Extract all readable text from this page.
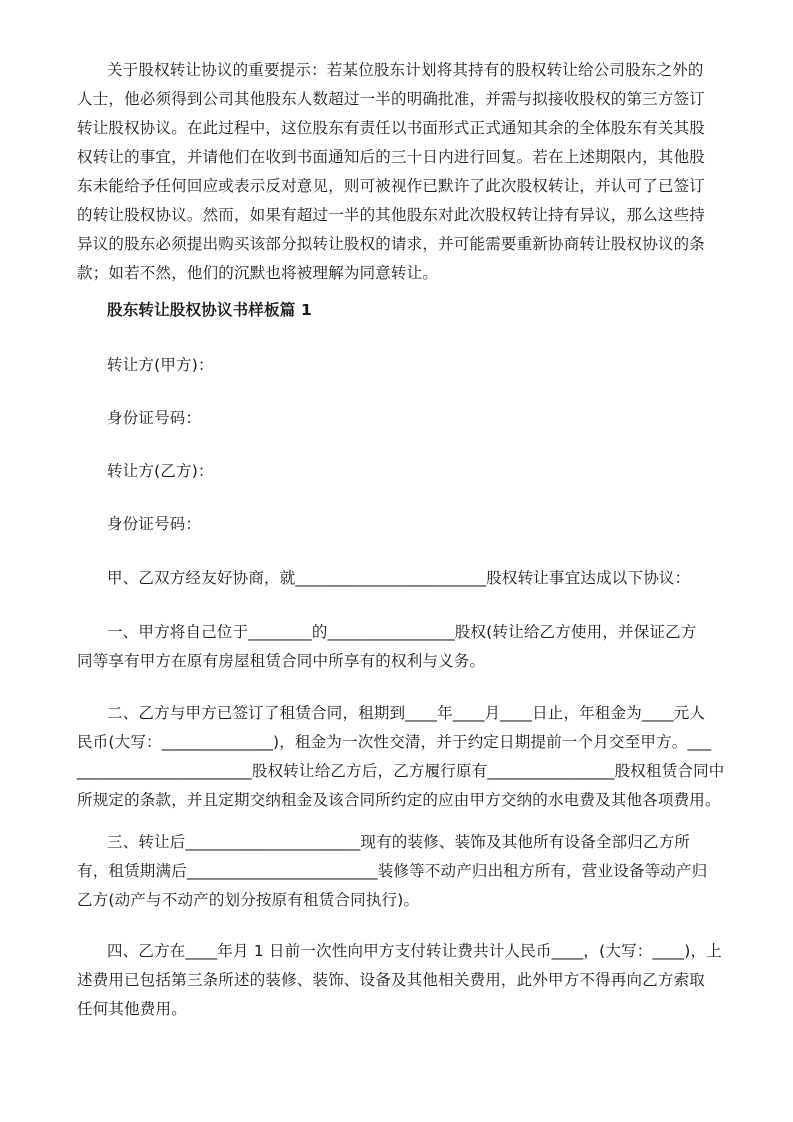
关于股权转让协议的重要提示：若某位股东计划将其持有的股权转让给公司股东之外的
人士，他必须得到公司其他股东人数超过一半的明确批准，并需与拟接收股权的第三方签订
转让股权协议。在此过程中，这位股东有责任以书面形式正式通知其余的全体股东有关其股
权转让的事宜，并请他们在收到书面通知后的三十日内进行回复。若在上述期限内，其他股
东未能给予任何回应或表示反对意见，则可被视作已默许了此次股权转让，并认可了已签订
的转让股权协议。然而，如果有超过一半的其他股东对此次股权转让持有异议，那么这些持
异议的股东必须提出购买该部分拟转让股权的请求，并可能需要重新协商转让股权协议的条
款；如若不然，他们的沉默也将被理解为同意转让。
股东转让股权协议书样板篇 1
转让方(甲方)：
身份证号码：
转让方(乙方)：
身份证号码：
甲、乙双方经友好协商，就________________________股权转让事宜达成以下协议：
一、甲方将自己位于________的________________股权(转让给乙方使用，并保证乙方
同等享有甲方在原有房屋租赁合同中所享有的权利与义务。
二、乙方与甲方已签订了租赁合同，租期到____年____月____日止，年租金为____元人
民币(大写：______________)，租金为一次性交清，并于约定日期提前一个月交至甲方。___
______________________股权转让给乙方后，乙方履行原有________________股权租赁合同中
所规定的条款，并且定期交纳租金及该合同所约定的应由甲方交纳的水电费及其他各项费用。
三、转让后______________________现有的装修、装饰及其他所有设备全部归乙方所
有，租赁期满后________________________装修等不动产归出租方所有，营业设备等动产归
乙方(动产与不动产的划分按原有租赁合同执行)。
四、乙方在____年月 1 日前一次性向甲方支付转让费共计人民币____，(大写：____)，上
述费用已包括第三条所述的装修、装饰、设备及其他相关费用，此外甲方不得再向乙方索取
任何其他费用。
